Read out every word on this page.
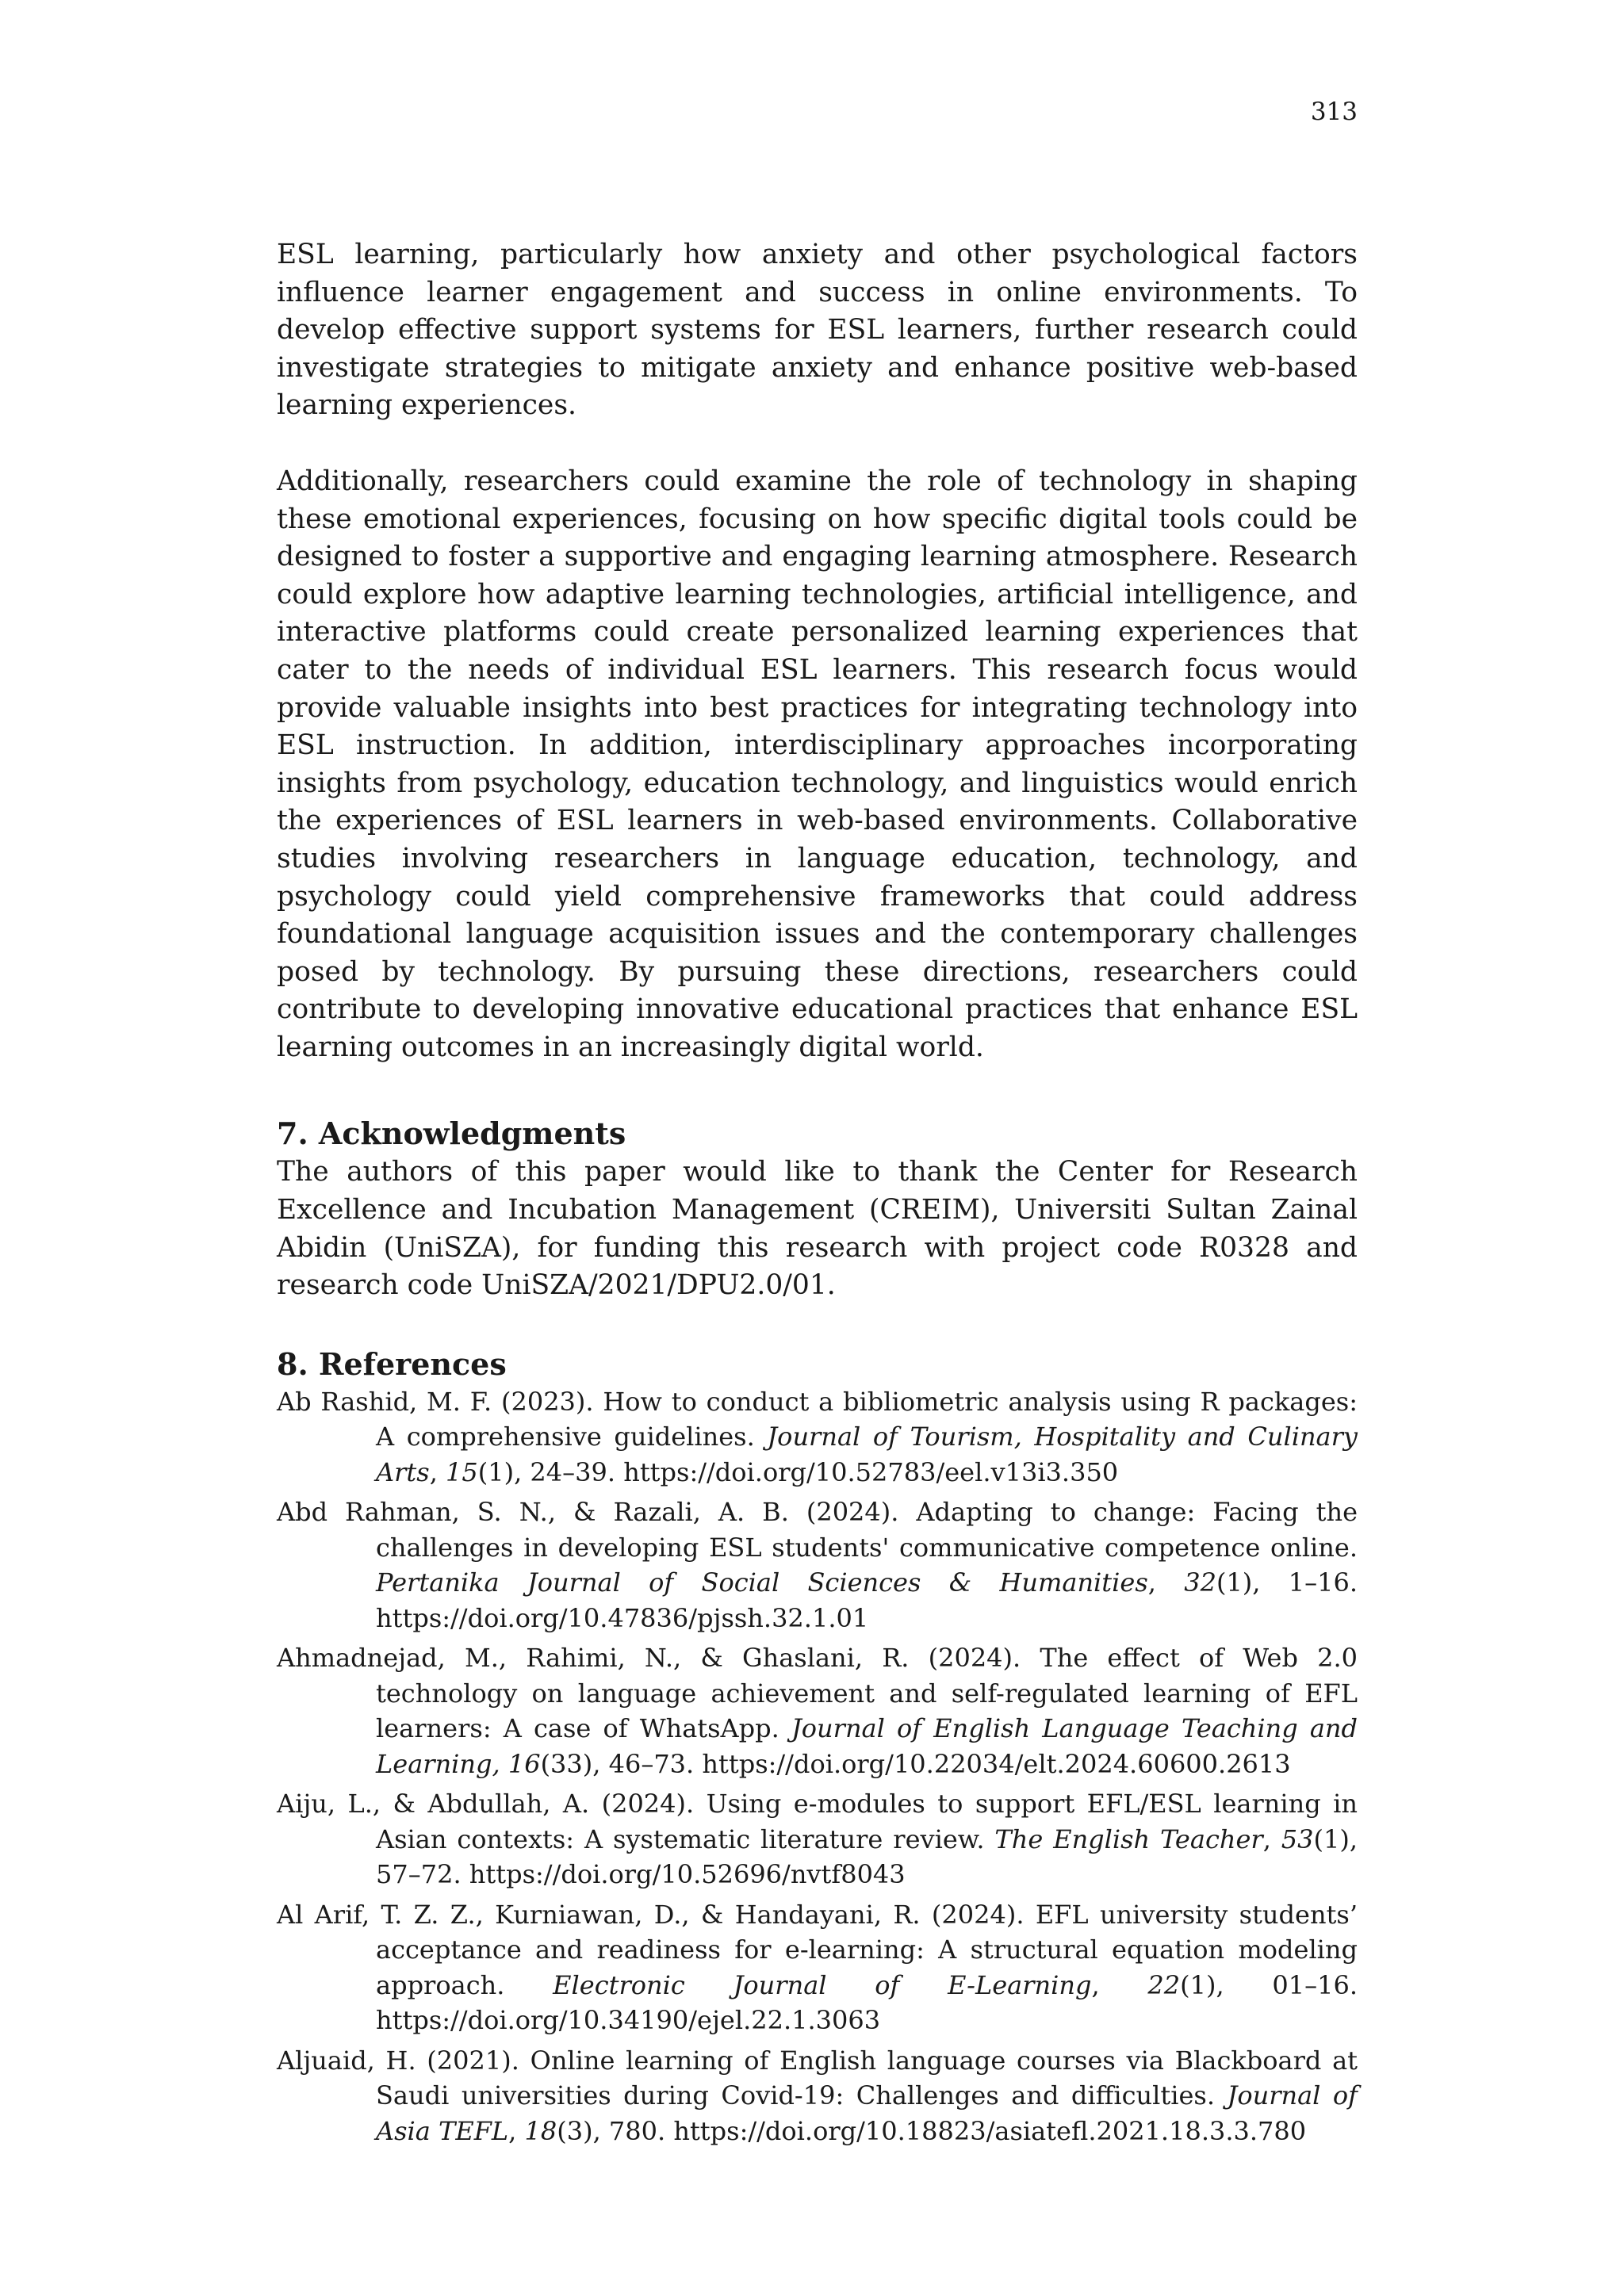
313

ESL learning, particularly how anxiety and other psychological factors influence learner engagement and success in online environments. To develop effective support systems for ESL learners, further research could investigate strategies to mitigate anxiety and enhance positive web-based learning experiences.

Additionally, researchers could examine the role of technology in shaping these emotional experiences, focusing on how specific digital tools could be designed to foster a supportive and engaging learning atmosphere. Research could explore how adaptive learning technologies, artificial intelligence, and interactive platforms could create personalized learning experiences that cater to the needs of individual ESL learners. This research focus would provide valuable insights into best practices for integrating technology into ESL instruction. In addition, interdisciplinary approaches incorporating insights from psychology, education technology, and linguistics would enrich the experiences of ESL learners in web-based environments. Collaborative studies involving researchers in language education, technology, and psychology could yield comprehensive frameworks that could address foundational language acquisition issues and the contemporary challenges posed by technology. By pursuing these directions, researchers could contribute to developing innovative educational practices that enhance ESL learning outcomes in an increasingly digital world.

7. Acknowledgments

The authors of this paper would like to thank the Center for Research Excellence and Incubation Management (CREIM), Universiti Sultan Zainal Abidin (UniSZA), for funding this research with project code R0328 and research code UniSZA/2021/DPU2.0/01.

8. References
Ab Rashid, M. F. (2023). How to conduct a bibliometric analysis using R packages: A comprehensive guidelines. Journal of Tourism, Hospitality and Culinary Arts, 15(1), 24–39. https://doi.org/10.52783/eel.v13i3.350
Abd Rahman, S. N., & Razali, A. B. (2024). Adapting to change: Facing the challenges in developing ESL students' communicative competence online. Pertanika Journal of Social Sciences & Humanities, 32(1), 1–16. https://doi.org/10.47836/pjssh.32.1.01
Ahmadnejad, M., Rahimi, N., & Ghaslani, R. (2024). The effect of Web 2.0 technology on language achievement and self-regulated learning of EFL learners: A case of WhatsApp. Journal of English Language Teaching and Learning, 16(33), 46–73. https://doi.org/10.22034/elt.2024.60600.2613
Aiju, L., & Abdullah, A. (2024). Using e-modules to support EFL/ESL learning in Asian contexts: A systematic literature review. The English Teacher, 53(1), 57–72. https://doi.org/10.52696/nvtf8043
Al Arif, T. Z. Z., Kurniawan, D., & Handayani, R. (2024). EFL university students’ acceptance and readiness for e-learning: A structural equation modeling approach. Electronic Journal of E-Learning, 22(1), 01–16. https://doi.org/10.34190/ejel.22.1.3063
Aljuaid, H. (2021). Online learning of English language courses via Blackboard at Saudi universities during Covid-19: Challenges and difficulties. Journal of Asia TEFL, 18(3), 780. https://doi.org/10.18823/asiatefl.2021.18.3.3.780
